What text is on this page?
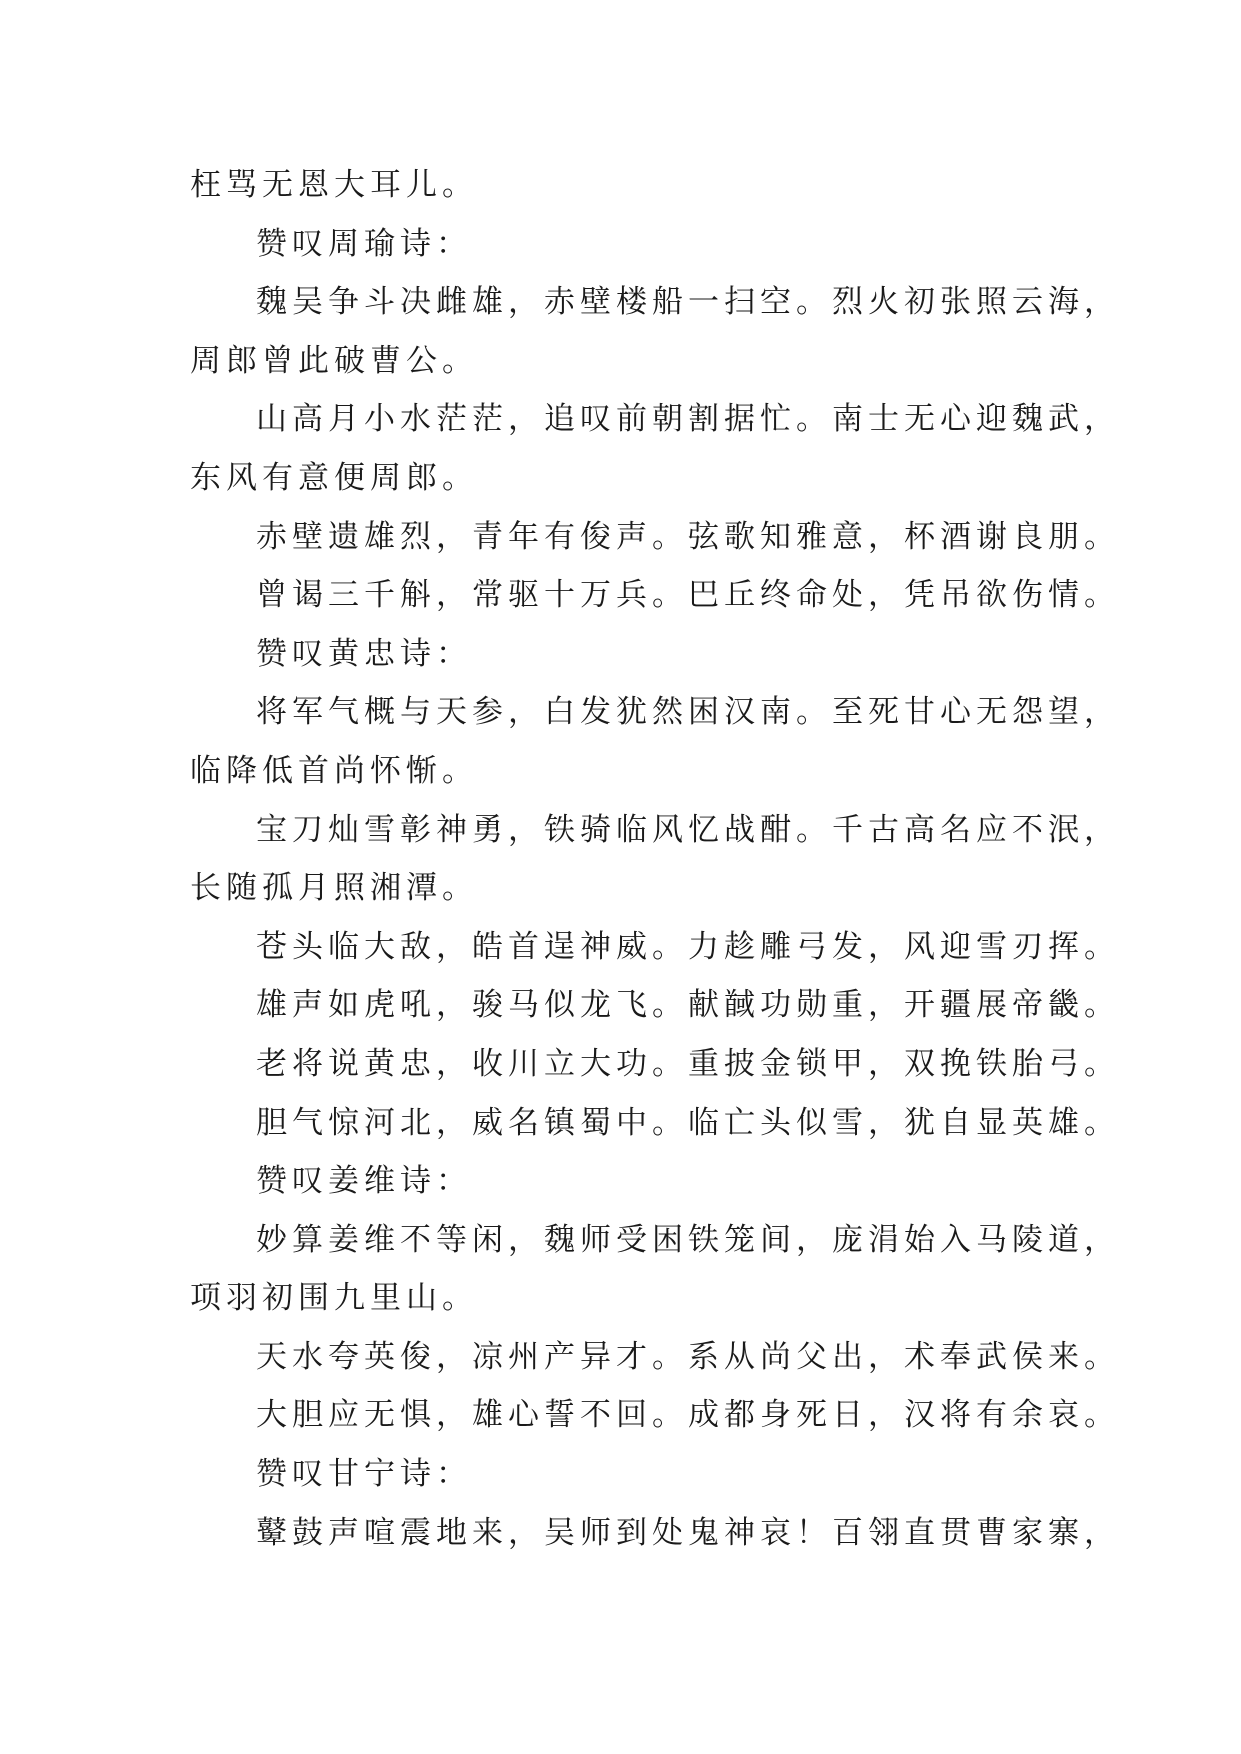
枉骂无恩大耳儿。
赞叹周瑜诗：
魏吴争斗决雌雄，赤壁楼船一扫空。烈火初张照云海，
周郎曾此破曹公。
山高月小水茫茫，追叹前朝割据忙。南士无心迎魏武，
东风有意便周郎。
赤壁遗雄烈，青年有俊声。弦歌知雅意，杯酒谢良朋。
曾谒三千斛，常驱十万兵。巴丘终命处，凭吊欲伤情。
赞叹黄忠诗：
将军气概与天参，白发犹然困汉南。至死甘心无怨望，
临降低首尚怀惭。
宝刀灿雪彰神勇，铁骑临风忆战酣。千古高名应不泯，
长随孤月照湘潭。
苍头临大敌，皓首逞神威。力趁雕弓发，风迎雪刃挥。
雄声如虎吼，骏马似龙飞。献馘功勋重，开疆展帝畿。
老将说黄忠，收川立大功。重披金锁甲，双挽铁胎弓。
胆气惊河北，威名镇蜀中。临亡头似雪，犹自显英雄。
赞叹姜维诗：
妙算姜维不等闲，魏师受困铁笼间，庞涓始入马陵道，
项羽初围九里山。
天水夸英俊，凉州产异才。系从尚父出，术奉武侯来。
大胆应无惧，雄心誓不回。成都身死日，汉将有余哀。
赞叹甘宁诗：
鼙鼓声喧震地来，吴师到处鬼神哀！百翎直贯曹家寨，
